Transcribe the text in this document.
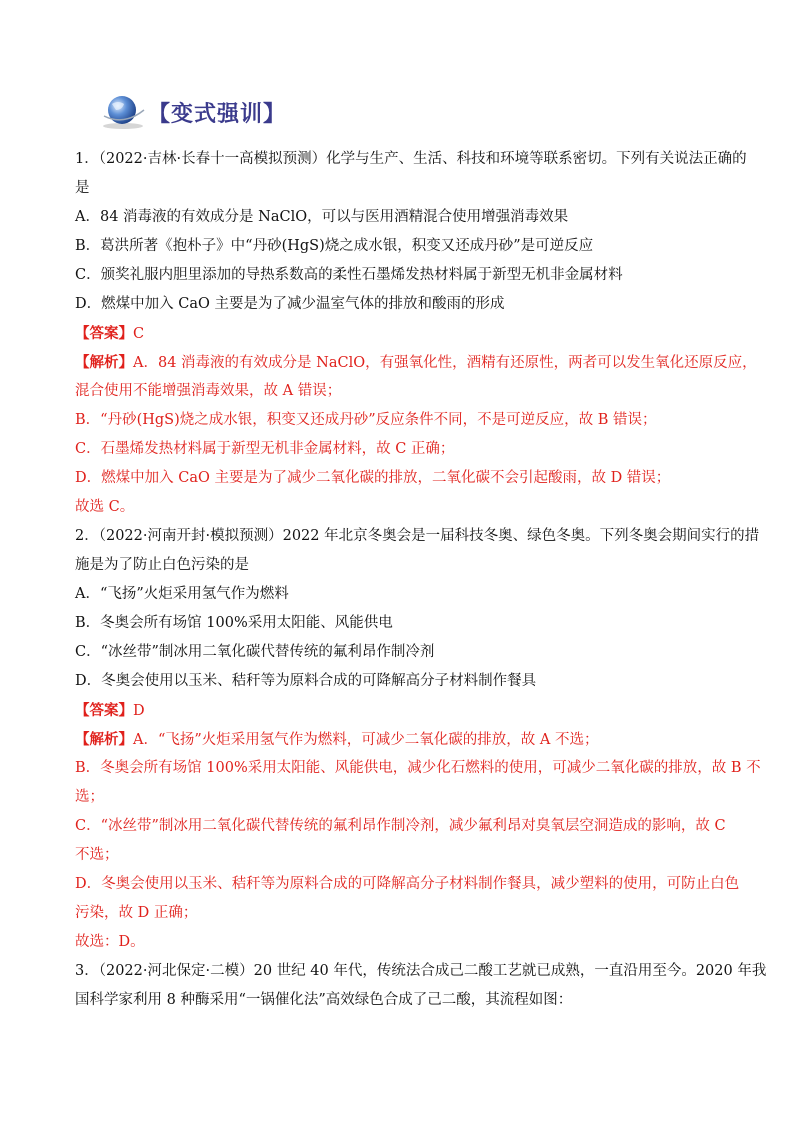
【变式强训】
1．（2022·吉林·长春十一高模拟预测）化学与生产、生活、科技和环境等联系密切。下列有关说法正确的
是
A．84 消毒液的有效成分是 NaClO，可以与医用酒精混合使用增强消毒效果
B．葛洪所著《抱朴子》中“丹砂(HgS)烧之成水银，积变又还成丹砂”是可逆反应
C．颁奖礼服内胆里添加的导热系数高的柔性石墨烯发热材料属于新型无机非金属材料
D．燃煤中加入 CaO 主要是为了减少温室气体的排放和酸雨的形成
【答案】C
【解析】A．84 消毒液的有效成分是 NaClO，有强氧化性，酒精有还原性，两者可以发生氧化还原反应，
混合使用不能增强消毒效果，故 A 错误；
B．“丹砂(HgS)烧之成水银，积变又还成丹砂”反应条件不同，不是可逆反应，故 B 错误；
C．石墨烯发热材料属于新型无机非金属材料，故 C 正确；
D．燃煤中加入 CaO 主要是为了减少二氧化碳的排放，二氧化碳不会引起酸雨，故 D 错误；
故选 C。
2．（2022·河南开封·模拟预测）2022 年北京冬奥会是一届科技冬奥、绿色冬奥。下列冬奥会期间实行的措
施是为了防止白色污染的是
A．“飞扬”火炬采用氢气作为燃料
B．冬奥会所有场馆 100%采用太阳能、风能供电
C．“冰丝带”制冰用二氧化碳代替传统的氟利昂作制冷剂
D．冬奥会使用以玉米、秸秆等为原料合成的可降解高分子材料制作餐具
【答案】D
【解析】A．“飞扬”火炬采用氢气作为燃料，可减少二氧化碳的排放，故 A 不选；
B．冬奥会所有场馆 100%采用太阳能、风能供电，减少化石燃料的使用，可减少二氧化碳的排放，故 B 不
选；
C．“冰丝带”制冰用二氧化碳代替传统的氟利昂作制冷剂，减少氟利昂对臭氧层空洞造成的影响，故 C
不选；
D．冬奥会使用以玉米、秸秆等为原料合成的可降解高分子材料制作餐具，减少塑料的使用，可防止白色
污染，故 D 正确；
故选：D。
3．（2022·河北保定·二模）20 世纪 40 年代，传统法合成己二酸工艺就已成熟，一直沿用至今。2020 年我
国科学家利用 8 种酶采用“一锅催化法”高效绿色合成了己二酸，其流程如图：
